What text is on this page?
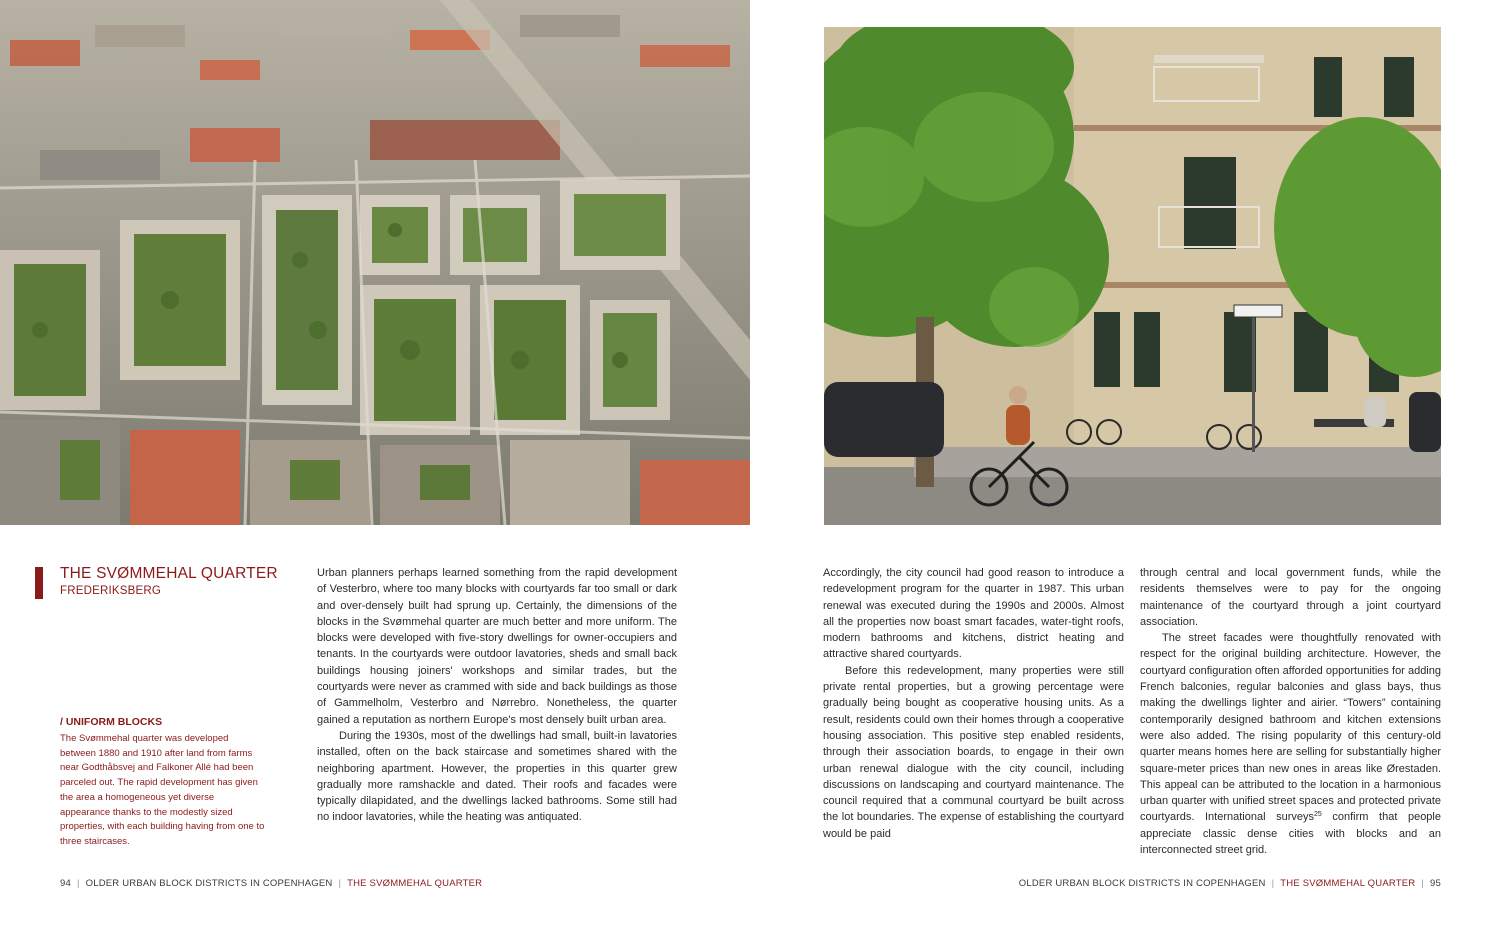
THE SVØMMEHAL QUARTER
FREDERIKSBERG

/ UNIFORM BLOCKS

The Svømmehal quarter was developed between 1880 and 1910 after land from farms near Godthåbsvej and Falkoner Allé had been parceled out. The rapid development has given the area a homogeneous yet diverse appearance thanks to the modestly sized properties, with each building having from one to three staircases.

Urban planners perhaps learned something from the rapid development of Vesterbro, where too many blocks with courtyards far too small or dark and over-densely built had sprung up. Certainly, the dimensions of the blocks in the Svømmehal quarter are much better and more uniform. The blocks were developed with five-story dwellings for owner-occupiers and tenants. In the courtyards were outdoor lavatories, sheds and small back buildings housing joiners' workshops and similar trades, but the courtyards were never as crammed with side and back buildings as those of Gammelholm, Vesterbro and Nørrebro. Nonetheless, the quarter gained a reputation as northern Europe's most densely built urban area.

During the 1930s, most of the dwellings had small, built-in lavatories installed, often on the back staircase and sometimes shared with the neighboring apartment. However, the properties in this quarter grew gradually more ramshackle and dated. Their roofs and facades were typically dilapidated, and the dwellings lacked bathrooms. Some still had no indoor lavatories, while the heating was antiquated.

Accordingly, the city council had good reason to introduce a redevelopment program for the quarter in 1987. This urban renewal was executed during the 1990s and 2000s. Almost all the properties now boast smart facades, water-tight roofs, modern bathrooms and kitchens, district heating and attractive shared courtyards.

Before this redevelopment, many properties were still private rental properties, but a growing percentage were gradually being bought as cooperative housing units. As a result, residents could own their homes through a cooperative housing association. This positive step enabled residents, through their association boards, to engage in their own urban renewal dialogue with the city council, including discussions on landscaping and courtyard maintenance. The council required that a communal courtyard be built across the lot boundaries. The expense of establishing the courtyard would be paid

through central and local government funds, while the residents themselves were to pay for the ongoing maintenance of the courtyard through a joint courtyard association.

The street facades were thoughtfully renovated with respect for the original building architecture. However, the courtyard configuration often afforded opportunities for adding French balconies, regular balconies and glass bays, thus making the dwellings lighter and airier. “Towers” containing contemporarily designed bathroom and kitchen extensions were also added. The rising popularity of this century-old quarter means homes here are selling for substantially higher square-meter prices than new ones in areas like Ørestaden. This appeal can be attributed to the location in a harmonious urban quarter with unified street spaces and protected private courtyards. International surveys$^{25}$ confirm that people appreciate classic dense cities with blocks and an interconnected street grid.

94 | OLDER URBAN BLOCK DISTRICTS IN COPENHAGEN | THE SVØMMEHAL QUARTER	OLDER URBAN BLOCK DISTRICTS IN COPENHAGEN | THE SVØMMEHAL QUARTER | 95
